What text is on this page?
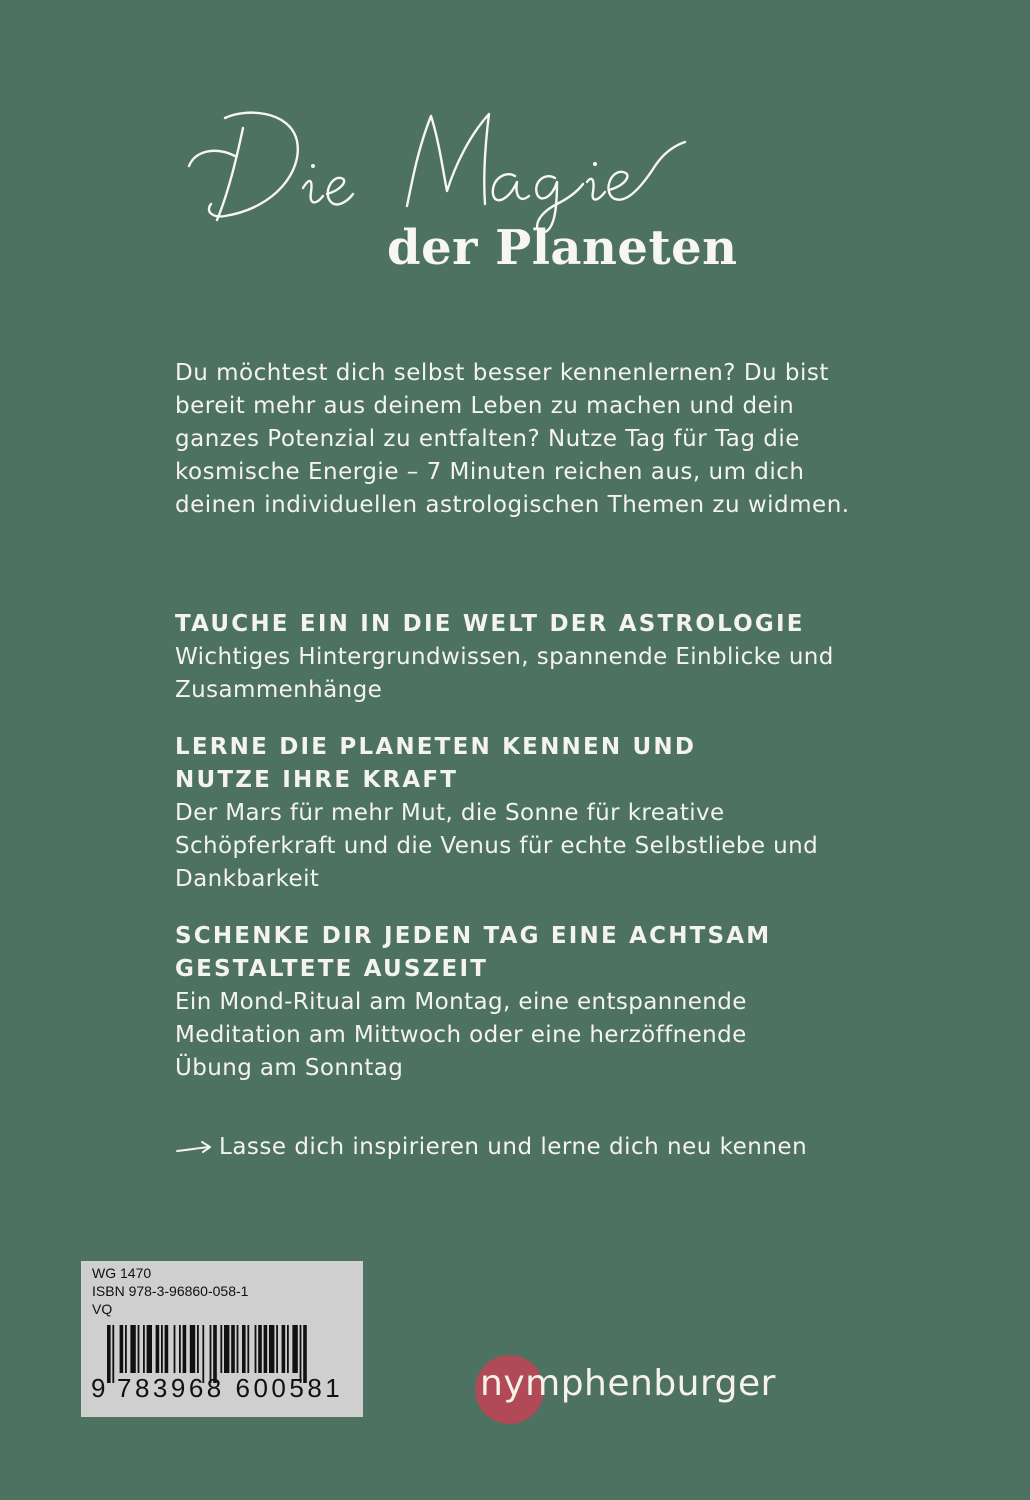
der Planeten

Du möchtest dich selbst besser kennenlernen? Du bist bereit mehr aus deinem Leben zu machen und dein ganzes Potenzial zu entfalten? Nutze Tag für Tag die kosmische Energie – 7 Minuten reichen aus, um dich deinen individuellen astrologischen Themen zu widmen.

TAUCHE EIN IN DIE WELT DER ASTROLOGIE

Wichtiges Hintergrundwissen, spannende Einblicke und Zusammenhänge

LERNE DIE PLANETEN KENNEN UND NUTZE IHRE KRAFT

Der Mars für mehr Mut, die Sonne für kreative Schöpferkraft und die Venus für echte Selbstliebe und Dankbarkeit

SCHENKE DIR JEDEN TAG EINE ACHTSAM GESTALTETE AUSZEIT

Ein Mond-Ritual am Montag, eine entspannende Meditation am Mittwoch oder eine herzöffnende Übung am Sonntag

Lasse dich inspirieren und lerne dich neu kennen
WG 1470
ISBN 978-3-96860-058-1
VQ
9 783968 600581	nymphenburger
